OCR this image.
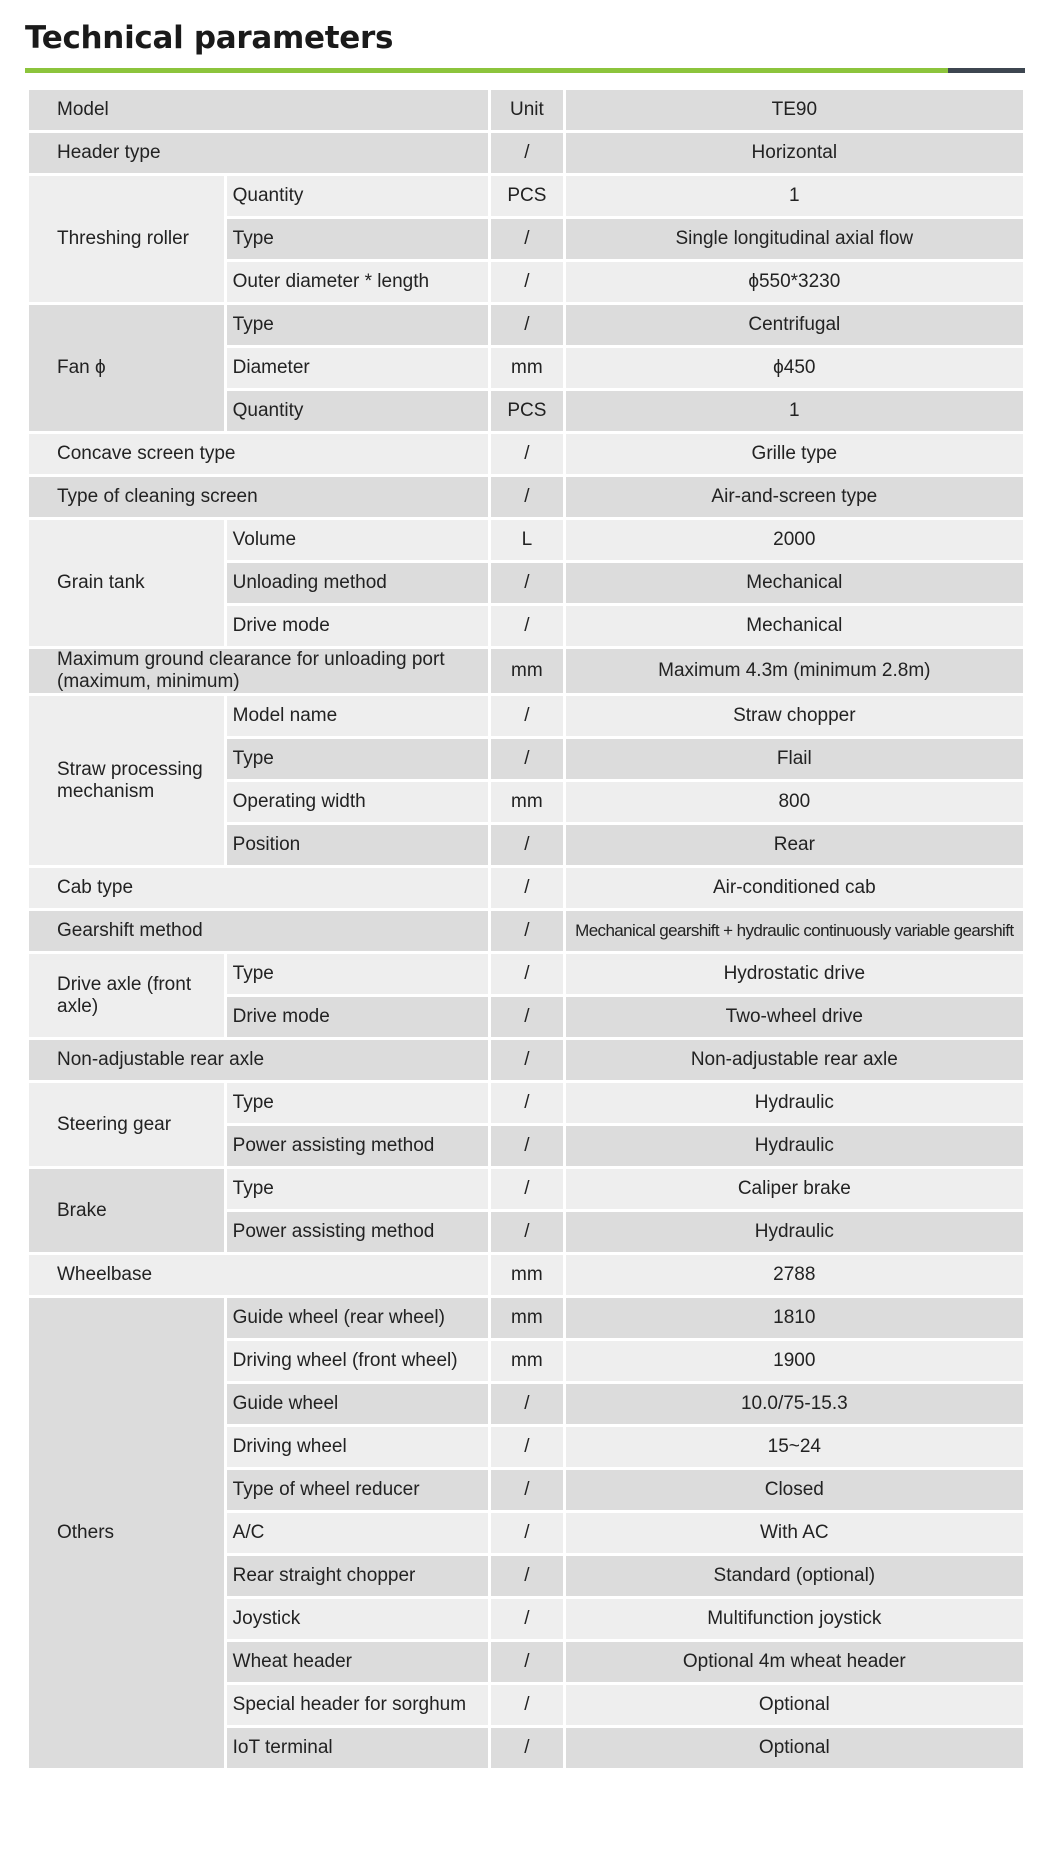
Technical parameters
Model		Unit	TE90
Header type		/	Horizontal
Threshing roller	Quantity	PCS	1
	Type	/	Single longitudinal axial flow
	Outer diameter * length	/	ϕ550*3230
Fan ϕ	Type	/	Centrifugal
	Diameter	mm	ϕ450
	Quantity	PCS	1
Concave screen type		/	Grille type
Type of cleaning screen		/	Air-and-screen type
Grain tank	Volume	L	2000
	Unloading method	/	Mechanical
	Drive mode	/	Mechanical
Maximum ground clearance for unloading port (maximum, minimum)		mm	Maximum 4.3m (minimum 2.8m)
Straw processing mechanism	Model name	/	Straw chopper
	Type	/	Flail
	Operating width	mm	800
	Position	/	Rear
Cab type		/	Air-conditioned cab
Gearshift method		/	Mechanical gearshift + hydraulic continuously variable gearshift
Drive axle (front axle)	Type	/	Hydrostatic drive
	Drive mode	/	Two-wheel drive
Non-adjustable rear axle		/	Non-adjustable rear axle
Steering gear	Type	/	Hydraulic
	Power assisting method	/	Hydraulic
Brake	Type	/	Caliper brake
	Power assisting method	/	Hydraulic
Wheelbase		mm	2788
Others	Guide wheel (rear wheel)	mm	1810
	Driving wheel (front wheel)	mm	1900
	Guide wheel	/	10.0/75-15.3
	Driving wheel	/	15~24
	Type of wheel reducer	/	Closed
	A/C	/	With AC
	Rear straight chopper	/	Standard (optional)
	Joystick	/	Multifunction joystick
	Wheat header	/	Optional 4m wheat header
	Special header for sorghum	/	Optional
	IoT terminal	/	Optional
